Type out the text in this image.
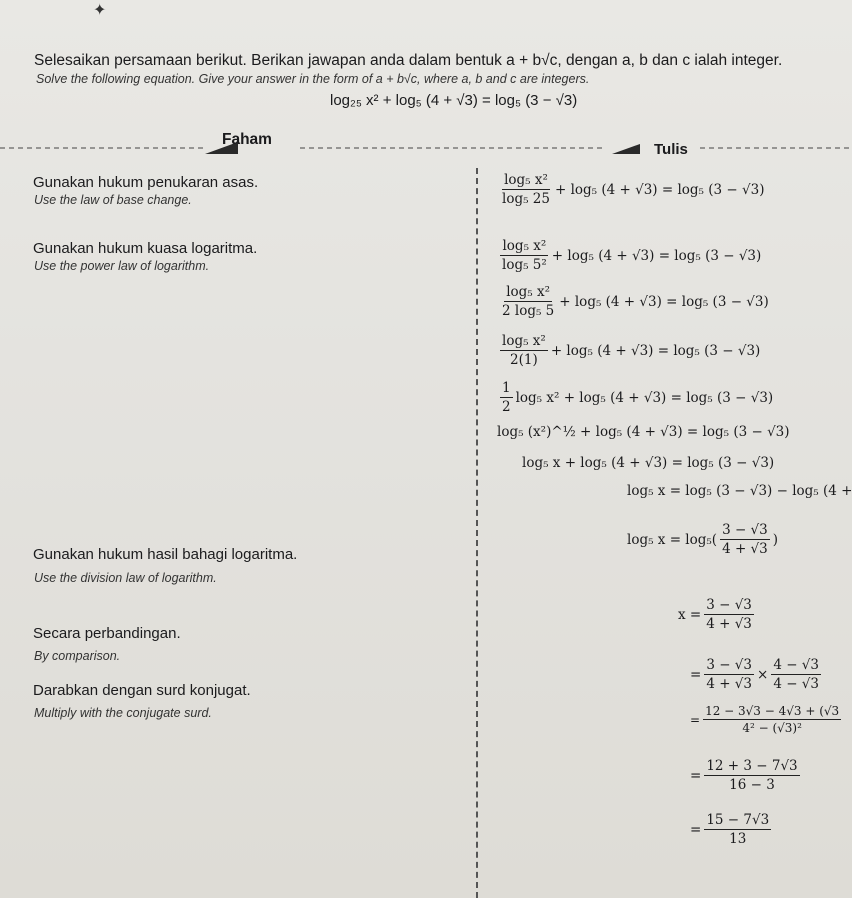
✦
Selesaikan persamaan berikut. Berikan jawapan anda dalam bentuk a + b√c, dengan a, b dan c ialah integer.
Solve the following equation. Give your answer in the form of a + b√c, where a, b and c are integers.
log₂₅ x² + log₅ (4 + √3) = log₅ (3 − √3)
Faham
Tulis
Gunakan hukum penukaran asas.
Use the law of base change.
Gunakan hukum kuasa logaritma.
Use the power law of logarithm.
Gunakan hukum hasil bahagi logaritma.
Use the division law of logarithm.
Secara perbandingan.
By comparison.
Darabkan dengan surd konjugat.
Multiply with the conjugate surd.
$\frac{\text{log₅ x²}}{\text{log₅ 25}} + \log_5$ (4 + √3) = log₅ (3 − √3)
$\frac{\text{log₅ x²}}{\text{log₅ 5²}} + \log_5$ (4 + √3) = log₅ (3 − √3)
$\frac{\text{log₅ x²}}{\text{2 log₅ 5}} + \log_5$ (4 + √3) = log₅ (3 − √3)
$\frac{\text{log₅ x²}}{2(1)} + \log_5$ (4 + √3) = log₅ (3 − √3)
$\frac{1}{2} \log_5$ x² + log₅ (4 + √3) = log₅ (3 − √3)
log₅ (x²)^½ + log₅ (4 + √3) = log₅ (3 − √3)
log₅ x + log₅ (4 + √3) = log₅ (3 − √3)
log₅ x = log₅ (3 − √3) − log₅ (4 +
log₅ x = log₅ ( $\frac{3 - √3}{4 + √3}$ )
$x = \frac{3 - √3}{4 + √3}$
= $\frac{3 - √3}{4 + √3} \times \frac{4 - √3}{4 - √3}$
= $\frac{12 - 3√3 - 4√3 + (√3}{\text{4² − (√3)²}}$
= $\frac{12 + 3 - 7√3}{16 - 3}$
= $\frac{15 - 7√3}{13}$
